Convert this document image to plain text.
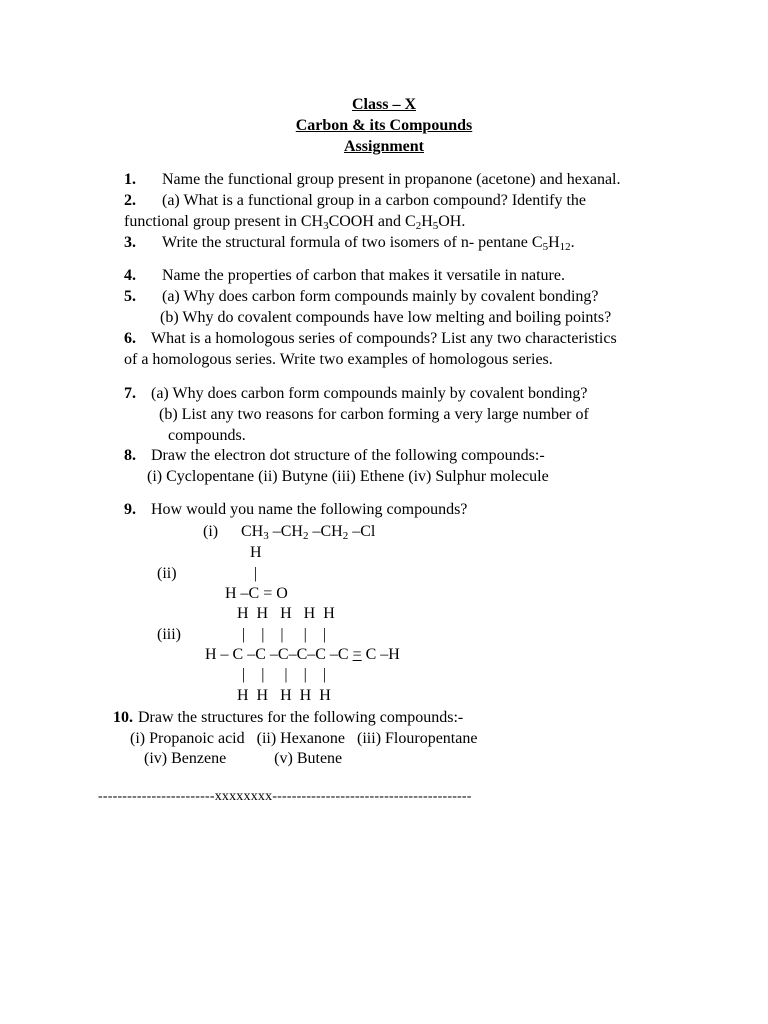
Class – X
Carbon & its Compounds
Assignment
1. Name the functional group present in propanone (acetone) and hexanal.
2. (a) What is a functional group in a carbon compound? Identify the
functional group present in $CH_3COOH$ and $C_2H_5OH$.
3. Write the structural formula of two isomers of n- pentane $C_5H_{12}$.
4. Name the properties of carbon that makes it versatile in nature.
5. (a) Why does carbon form compounds mainly by covalent bonding?
(b) Why do covalent compounds have low melting and boiling points?
6. What is a homologous series of compounds? List any two characteristics
of a homologous series. Write two examples of homologous series.
7. (a) Why does carbon form compounds mainly by covalent bonding?
(b) List any two reasons for carbon forming a very large number of
compounds.
8. Draw the electron dot structure of the following compounds:-
(i) Cyclopentane (ii) Butyne (iii) Ethene (iv) Sulphur molecule
9. How would you name the following compounds?
(i) $CH_3$ $-CH_2$ $-CH_2$ –Cl
H
(ii)	|
H –C = O
H  H   H   H  H
(iii)	|    |    |     |    |
H – C –C –C–C–C –C = C –H
|    |     |    |    |
H  H   H  H  H
10. Draw the structures for the following compounds:-
(i) Propanoic acid   (ii) Hexanone   (iii) Flouropentane
(iv) Benzene            (v) Butene
------------------------xxxxxxxx-----------------------------------------
